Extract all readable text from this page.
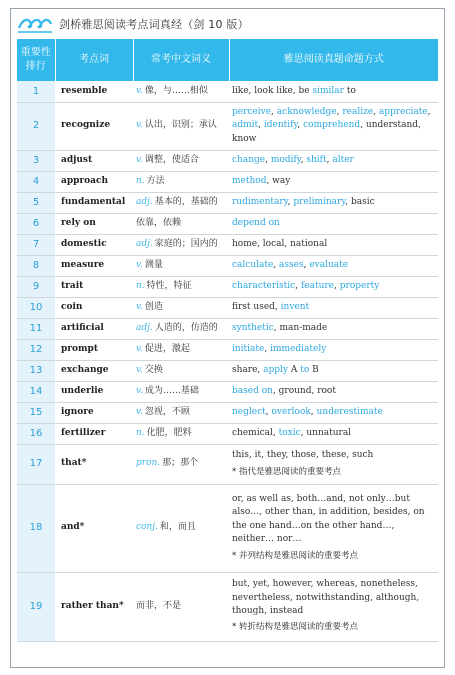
剑桥雅思阅读考点词真经（剑 10 版）
重要性排行	考点词	常考中文词义	雅思阅读真题命题方式
1	resemble	v. 像，与……相似	like, look like, be similar to

2	recognize	v. 认出，识别；承认	perceive, acknowledge, realize, appreciate, admit, identify, comprehend, understand, know

3	adjust	v. 调整，使适合	change, modify, shift, alter

4	approach	n. 方法	method, way

5	fundamental	adj. 基本的，基础的	rudimentary, preliminary, basic

6	rely on	依靠，依赖	depend on

7	domestic	adj. 家庭的；国内的	home, local, national

8	measure	v. 测量	calculate, asses, evaluate

9	trait	n. 特性，特征	characteristic, feature, property

10	coin	v. 创造	first used, invent

11	artificial	adj. 人造的，仿造的	synthetic, man-made

12	prompt	v. 促进，激起	initiate, immediately

13	exchange	v. 交换	share, apply A to B

14	underlie	v. 成为……基础	based on, ground, root

15	ignore	v. 忽视，不顾	neglect, overlook, underestimate

16	fertilizer	n. 化肥，肥料	chemical, toxic, unnatural

17	that*	pron. 那；那个	this, it, they, those, these, such
* 指代是雅思阅读的重要考点

18	and*	conj. 和，而且	or, as well as, both…and, not only…but also…, other than, in addition, besides, on the one hand…on the other hand…, neither… nor…
* 并列结构是雅思阅读的重要考点

19	rather than*	而非，不是	but, yet, however, whereas, nonetheless, nevertheless, notwithstanding, although, though, instead
* 转折结构是雅思阅读的重要考点
